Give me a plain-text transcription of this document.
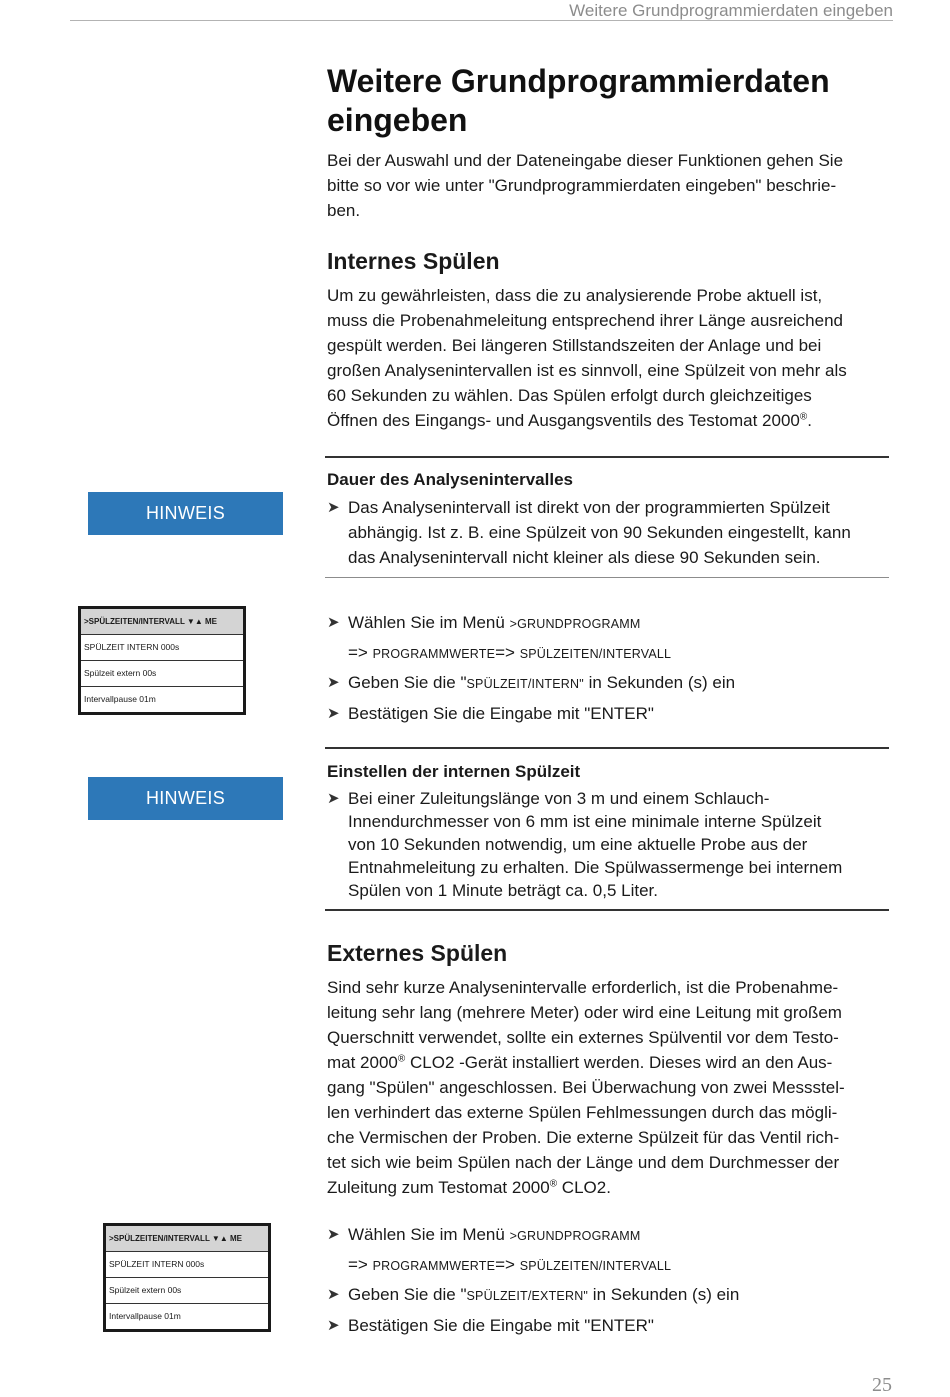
Weitere Grundprogrammierdaten eingeben
Weitere Grundprogrammierdaten
eingeben

Bei der Auswahl und der Dateneingabe dieser Funktionen gehen Sie
bitte so vor wie unter "Grundprogrammierdaten eingeben" beschrie-
ben.

Internes Spülen

Um zu gewährleisten, dass die zu analysierende Probe aktuell ist,
muss die Probenahmeleitung entsprechend ihrer Länge ausreichend
gespült werden. Bei längeren Stillstandszeiten der Anlage und bei
großen Analysenintervallen ist es sinnvoll, eine Spülzeit von mehr als
60 Sekunden zu wählen. Das Spülen erfolgt durch gleichzeitiges
Öffnen des Eingangs- und Ausgangsventils des Testomat 2000®.

HINWEIS
Dauer des Analysenintervalles
➤ Das Analysenintervall ist direkt von der programmierten Spülzeit
abhängig. Ist z. B. eine Spülzeit von 90 Sekunden eingestellt, kann
das Analysenintervall nicht kleiner als diese 90 Sekunden sein.
>SPÜLZEITEN/INTERVALL ▼▲ ME
SPÜLZEIT INTERN 000s
Spülzeit extern 00s
Intervallpause 01m
➤ Wählen Sie im Menü >GRUNDPROGRAMM
=> PROGRAMMWERTE=> SPÜLZEITEN/INTERVALL
➤ Geben Sie die "SPÜLZEIT/INTERN" in Sekunden (s) ein
➤ Bestätigen Sie die Eingabe mit "ENTER"
HINWEIS
Einstellen der internen Spülzeit
➤ Bei einer Zuleitungslänge von 3 m und einem Schlauch-
Innendurchmesser von 6 mm ist eine minimale interne Spülzeit
von 10 Sekunden notwendig, um eine aktuelle Probe aus der
Entnahmeleitung zu erhalten. Die Spülwassermenge bei internem
Spülen von 1 Minute beträgt ca. 0,5 Liter.
Externes Spülen

Sind sehr kurze Analysenintervalle erforderlich, ist die Probenahme-
leitung sehr lang (mehrere Meter) oder wird eine Leitung mit großem
Querschnitt verwendet, sollte ein externes Spülventil vor dem Testo-
mat 2000® CLO2 -Gerät installiert werden. Dieses wird an den Aus-
gang "Spülen" angeschlossen. Bei Überwachung von zwei Messstel-
len verhindert das externe Spülen Fehlmessungen durch das mögli-
che Vermischen der Proben. Die externe Spülzeit für das Ventil rich-
tet sich wie beim Spülen nach der Länge und dem Durchmesser der
Zuleitung zum Testomat 2000® CLO2.

>SPÜLZEITEN/INTERVALL ▼▲ ME
SPÜLZEIT INTERN 000s
Spülzeit extern 00s
Intervallpause 01m
➤ Wählen Sie im Menü >GRUNDPROGRAMM
=> PROGRAMMWERTE=> SPÜLZEITEN/INTERVALL
➤ Geben Sie die "SPÜLZEIT/EXTERN" in Sekunden (s) ein
➤ Bestätigen Sie die Eingabe mit "ENTER"
25
